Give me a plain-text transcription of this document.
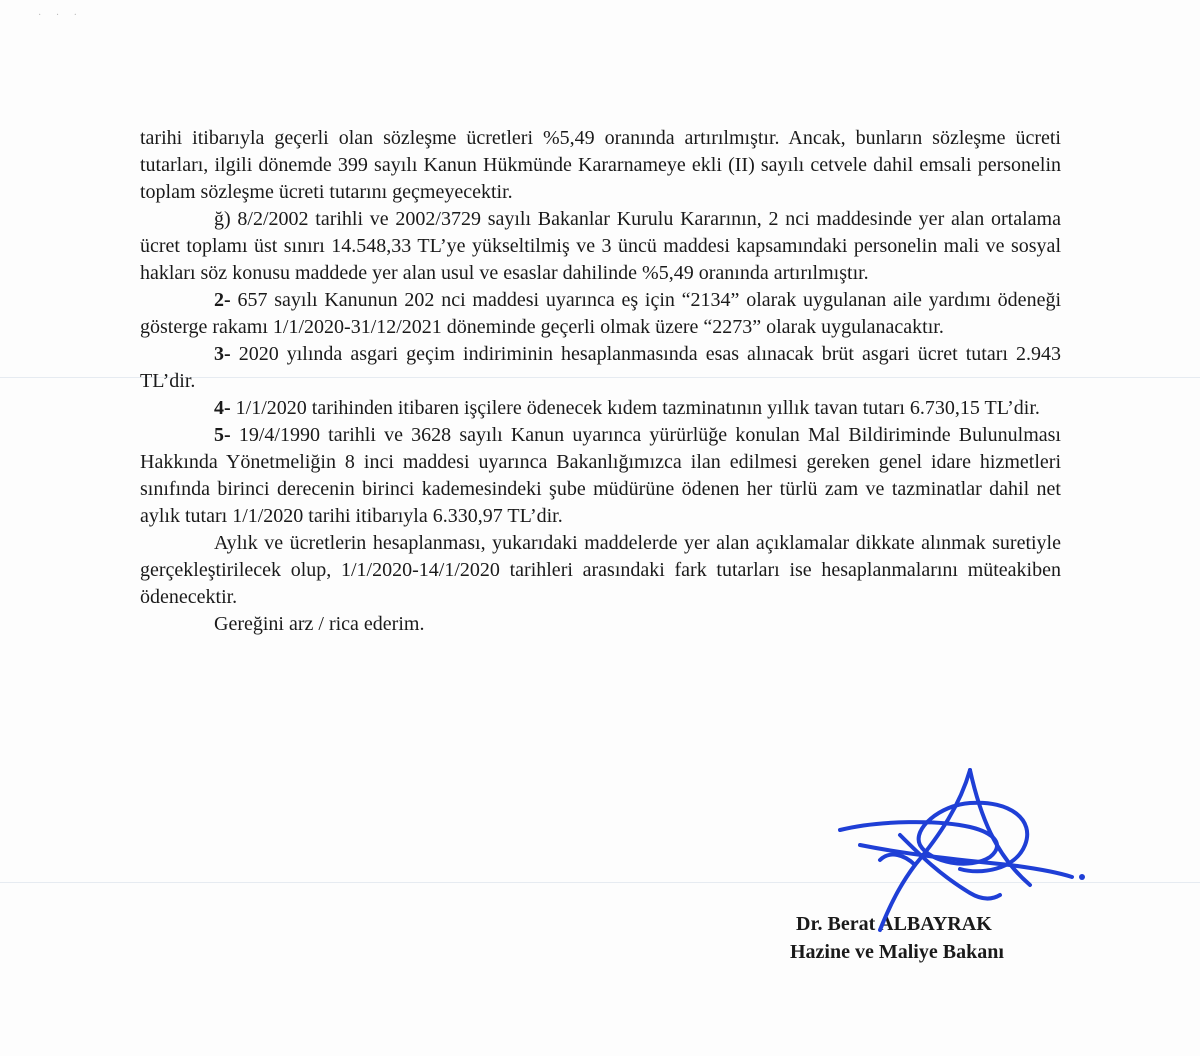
· · ·

tarihi itibarıyla geçerli olan sözleşme ücretleri %5,49 oranında artırılmıştır. Ancak, bunların sözleşme ücreti tutarları, ilgili dönemde 399 sayılı Kanun Hükmünde Kararnameye ekli (II) sayılı cetvele dahil emsali personelin toplam sözleşme ücreti tutarını geçmeyecektir.

ğ) 8/2/2002 tarihli ve 2002/3729 sayılı Bakanlar Kurulu Kararının, 2 nci maddesinde yer alan ortalama ücret toplamı üst sınırı 14.548,33 TL’ye yükseltilmiş ve 3 üncü maddesi kapsamındaki personelin mali ve sosyal hakları söz konusu maddede yer alan usul ve esaslar dahilinde %5,49 oranında artırılmıştır.

2- 657 sayılı Kanunun 202 nci maddesi uyarınca eş için “2134” olarak uygulanan aile yardımı ödeneği gösterge rakamı 1/1/2020-31/12/2021 döneminde geçerli olmak üzere “2273” olarak uygulanacaktır.

3- 2020 yılında asgari geçim indiriminin hesaplanmasında esas alınacak brüt asgari ücret tutarı 2.943 TL’dir.

4- 1/1/2020 tarihinden itibaren işçilere ödenecek kıdem tazminatının yıllık tavan tutarı 6.730,15 TL’dir.

5- 19/4/1990 tarihli ve 3628 sayılı Kanun uyarınca yürürlüğe konulan Mal Bildiriminde Bulunulması Hakkında Yönetmeliğin 8 inci maddesi uyarınca Bakanlığımızca ilan edilmesi gereken genel idare hizmetleri sınıfında birinci derecenin birinci kademesindeki şube müdürüne ödenen her türlü zam ve tazminatlar dahil net aylık tutarı 1/1/2020 tarihi itibarıyla 6.330,97 TL’dir.

Aylık ve ücretlerin hesaplanması, yukarıdaki maddelerde yer alan açıklamalar dikkate alınmak suretiyle gerçekleştirilecek olup, 1/1/2020-14/1/2020 tarihleri arasındaki fark tutarları ise hesaplanmalarını müteakiben ödenecektir.

Gereğini arz / rica ederim.

Dr. Berat ALBAYRAK
Hazine ve Maliye Bakanı
